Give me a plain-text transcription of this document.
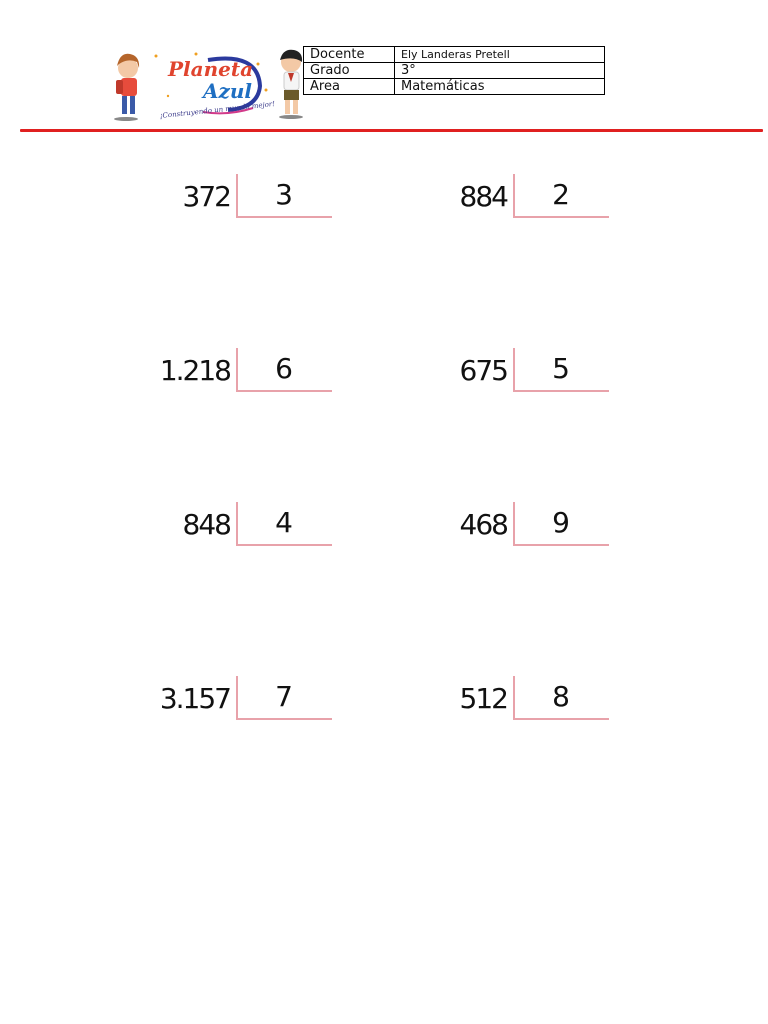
Planeta
Azul
¡Construyendo un mundo mejor!
Docente	Ely Landeras Pretell
Grado	3°
Area	Matemáticas
372	3	884	2
1.218	6	675	5
848	4	468	9
3.157	7	512	8
